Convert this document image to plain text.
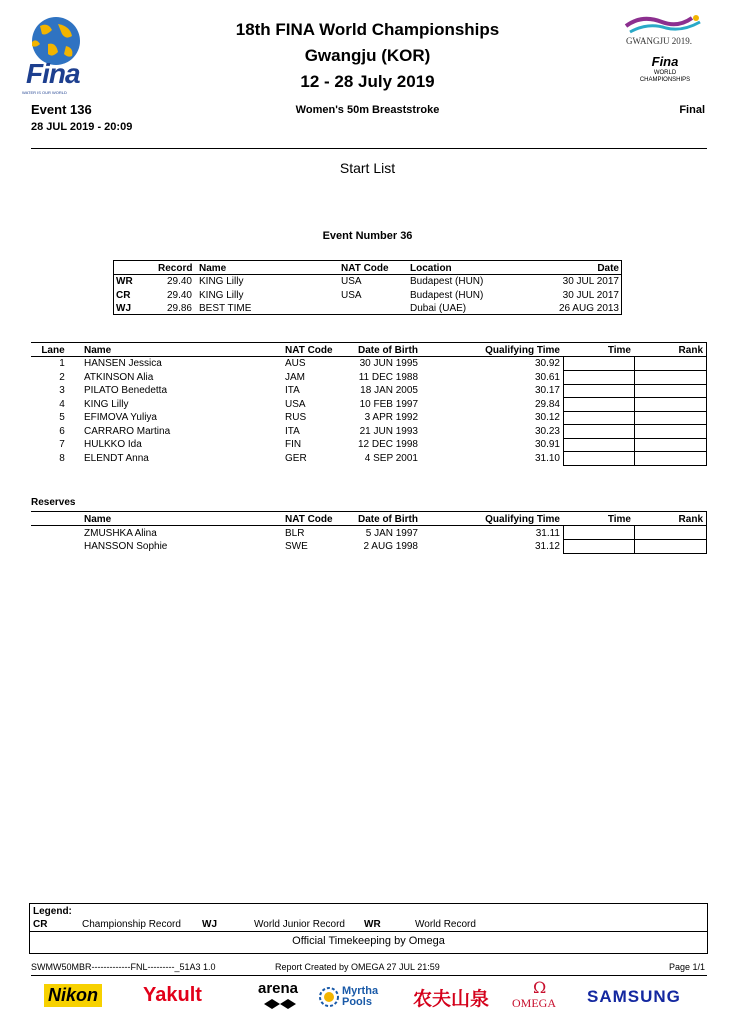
Fina
WATER IS OUR WORLD
18th FINA World Championships
Gwangju (KOR)
12 - 28 July 2019
GWANGJU 2019.
Fina
WORLD
CHAMPIONSHIPS
Event 136
28 JUL 2019 - 20:09
Women's 50m Breaststroke	Final
Start List
Event Number 36
Record Name	NAT Code Location	Date
WR	29.40 KING Lilly	USA	Budapest (HUN)	30 JUL 2017
CR	29.40 KING Lilly	USA	Budapest (HUN)	30 JUL 2017
WJ	29.86 BEST TIME	Dubai (UAE)	26 AUG 2013
Lane	Name	NAT Code	Date of Birth	Qualifying Time	Time	Rank
1	HANSEN Jessica	AUS	30 JUN 1995	30.92
2	ATKINSON Alia	JAM	11 DEC 1988	30.61
3	PILATO Benedetta	ITA	18 JAN 2005	30.17
4	KING Lilly	USA	10 FEB 1997	29.84
5	EFIMOVA Yuliya	RUS	3 APR 1992	30.12
6	CARRARO Martina	ITA	21 JUN 1993	30.23
7	HULKKO Ida	FIN	12 DEC 1998	30.91
8	ELENDT Anna	GER	4 SEP 2001	31.10
Reserves
Name	NAT Code	Date of Birth	Qualifying Time	Time	Rank
ZMUSHKA Alina	BLR	5 JAN 1997	31.11
HANSSON Sophie	SWE	2 AUG 1998	31.12
Legend:
CR	Championship Record WJ	World Junior Record WR	World Record
Official Timekeeping by Omega
SWMW50MBR-------------FNL---------_51A3 1.0	Report Created by OMEGA 27 JUL 21:59	Page 1/1
Nikon Yakult	arena	Myrtha Pools	农夫山泉
Ω
OMEGA SAMSUNG
